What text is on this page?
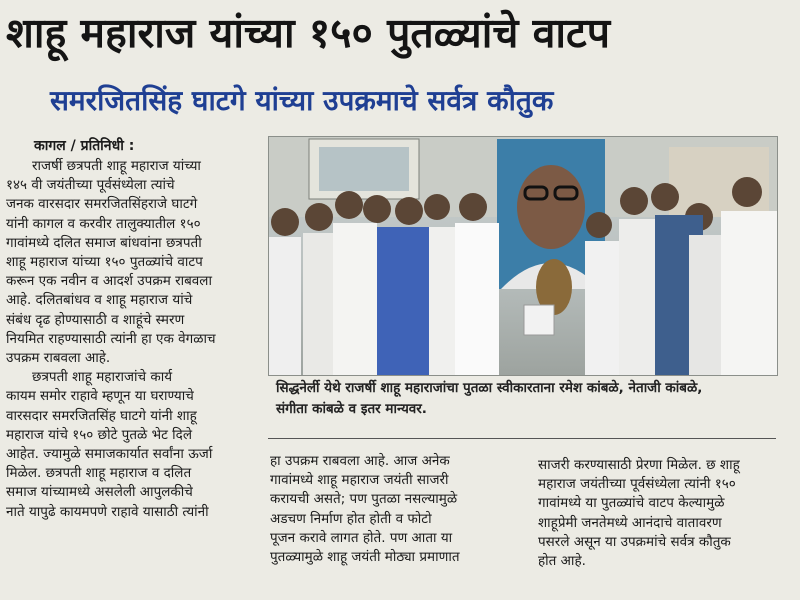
शाहू महाराज यांच्या १५० पुतळ्यांचे वाटप
समरजितसिंह घाटगे यांच्या उपक्रमाचे सर्वत्र कौतुक
कागल / प्रतिनिधी :
राजर्षी छत्रपती शाहू महाराज यांच्या
१४५ वी जयंतीच्या पूर्वसंध्येला त्यांचे
जनक वारसदार समरजितसिंहराजे घाटगे
यांनी कागल व करवीर तालुक्यातील १५०
गावांमध्ये दलित समाज बांधवांना छत्रपती
शाहू महाराज यांच्या १५० पुतळ्यांचे वाटप
करून एक नवीन व आदर्श उपक्रम राबवला
आहे. दलितबांधव व शाहू महाराज यांचे
संबंध दृढ होण्यासाठी व शाहूंचे स्मरण
नियमित राहण्यासाठी त्यांनी हा एक वेगळाच
उपक्रम राबवला आहे.
छत्रपती शाहू महाराजांचे कार्य
कायम समोर राहावे म्हणून या घराण्याचे
वारसदार समरजितसिंह घाटगे यांनी शाहू
महाराज यांचे १५० छोटे पुतळे भेट दिले
आहेत. ज्यामुळे समाजकार्यात सर्वांना ऊर्जा
मिळेल. छत्रपती शाहू महाराज व दलित
समाज यांच्यामध्ये असलेली आपुलकीचे
नाते यापुढे कायमपणे राहावे यासाठी त्यांनी
सिद्धनेर्ली येथे राजर्षी शाहू महाराजांचा पुतळा स्वीकारताना रमेश कांबळे, नेताजी कांबळे,
संगीता कांबळे व इतर मान्यवर.
हा उपक्रम राबवला आहे. आज अनेक
गावांमध्ये शाहू महाराज जयंती साजरी
करायची असते; पण पुतळा नसल्यामुळे
अडचण निर्माण होत होती व फोटो
पूजन करावे लागत होते. पण आता या
पुतळ्यामुळे शाहू जयंती मोठ्या प्रमाणात
साजरी करण्यासाठी प्रेरणा मिळेल. छ शाहू
महाराज जयंतीच्या पूर्वसंध्येला त्यांनी १५०
गावांमध्ये या पुतळ्यांचे वाटप केल्यामुळे
शाहूप्रेमी जनतेमध्ये आनंदाचे वातावरण
पसरले असून या उपक्रमांचे सर्वत्र कौतुक
होत आहे.
